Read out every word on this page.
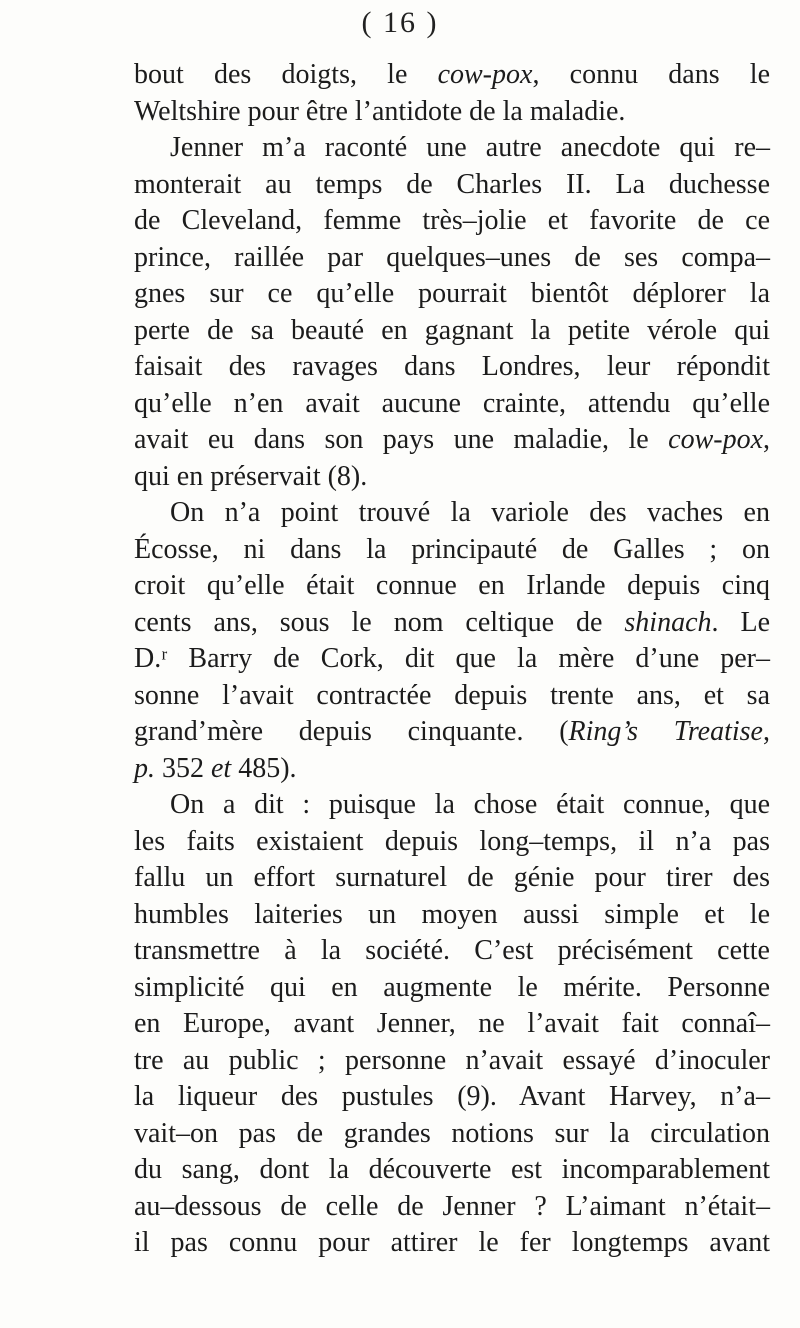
( 16 )
bout des doigts, le cow-pox, connu dans le
Weltshire pour être l’antidote de la maladie.
Jenner m’a raconté une autre anecdote qui re–
monterait au temps de Charles II. La duchesse
de Cleveland, femme très–jolie et favorite de ce
prince, raillée par quelques–unes de ses compa–
gnes sur ce qu’elle pourrait bientôt déplorer la
perte de sa beauté en gagnant la petite vérole qui
faisait des ravages dans Londres, leur répondit
qu’elle n’en avait aucune crainte, attendu qu’elle
avait eu dans son pays une maladie, le cow-pox,
qui en préservait (8).
On n’a point trouvé la variole des vaches en
Écosse, ni dans la principauté de Galles ; on
croit qu’elle était connue en Irlande depuis cinq
cents ans, sous le nom celtique de shinach. Le
D.ʳ Barry de Cork, dit que la mère d’une per–
sonne l’avait contractée depuis trente ans, et sa
grand’mère depuis cinquante. (Ring’s Treatise,
p. 352 et 485).
On a dit : puisque la chose était connue, que
les faits existaient depuis long–temps, il n’a pas
fallu un effort surnaturel de génie pour tirer des
humbles laiteries un moyen aussi simple et le
transmettre à la société. C’est précisément cette
simplicité qui en augmente le mérite. Personne
en Europe, avant Jenner, ne l’avait fait connaî–
tre au public ; personne n’avait essayé d’inoculer
la liqueur des pustules (9). Avant Harvey, n’a–
vait–on pas de grandes notions sur la circulation
du sang, dont la découverte est incomparablement
au–dessous de celle de Jenner ? L’aimant n’était–
il pas connu pour attirer le fer longtemps avant
